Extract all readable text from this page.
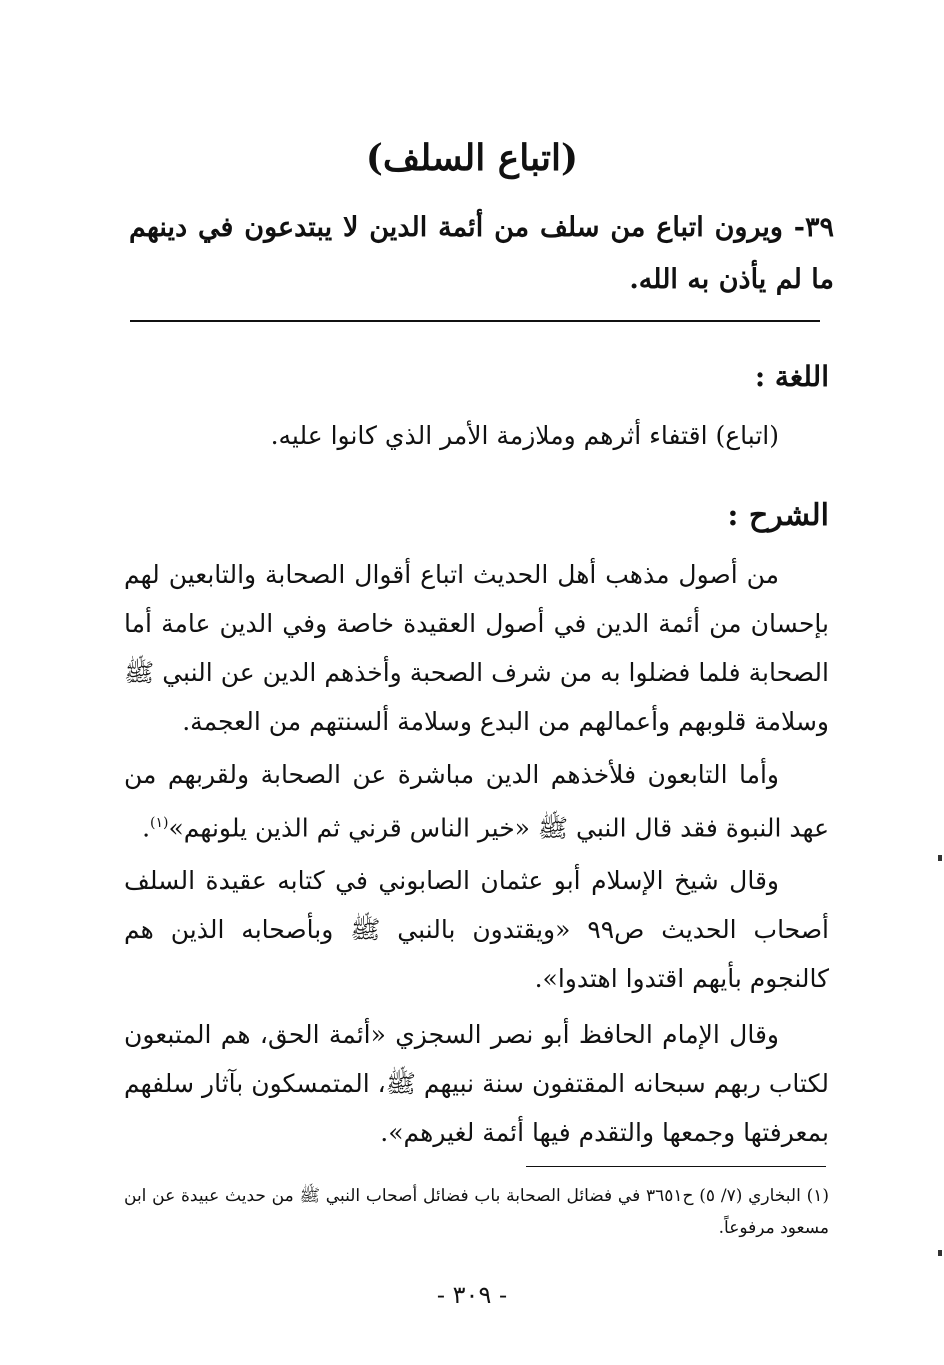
(اتباع السلف)
٣٩- ويرون اتباع من سلف من أئمة الدين لا يبتدعون في دينهم ما لم يأذن به الله.
اللغة :
(اتباع) اقتفاء أثرهم وملازمة الأمر الذي كانوا عليه.
الشرح :
من أصول مذهب أهل الحديث اتباع أقوال الصحابة والتابعين لهم بإحسان من أئمة الدين في أصول العقيدة خاصة وفي الدين عامة أما الصحابة فلما فضلوا به من شرف الصحبة وأخذهم الدين عن النبي ﷺ وسلامة قلوبهم وأعمالهم من البدع وسلامة ألسنتهم من العجمة.
وأما التابعون فلأخذهم الدين مباشرة عن الصحابة ولقربهم من عهد النبوة فقد قال النبي ﷺ «خير الناس قرني ثم الذين يلونهم»$^{(١)}$.
وقال شيخ الإسلام أبو عثمان الصابوني في كتابه عقيدة السلف أصحاب الحديث ص٩٩ «ويقتدون بالنبي ﷺ وبأصحابه الذين هم كالنجوم بأيهم اقتدوا اهتدوا».
وقال الإمام الحافظ أبو نصر السجزي «أئمة الحق، هم المتبعون لكتاب ربهم سبحانه المقتفون سنة نبيهم ﷺ، المتمسكون بآثار سلفهم بمعرفتها وجمعها والتقدم فيها أئمة لغيرهم».
(١) البخاري (٧/ ٥) ح٣٦٥١ في فضائل الصحابة باب فضائل أصحاب النبي ﷺ من حديث عبيدة عن ابن مسعود مرفوعاً.
- ٣٠٩ -
